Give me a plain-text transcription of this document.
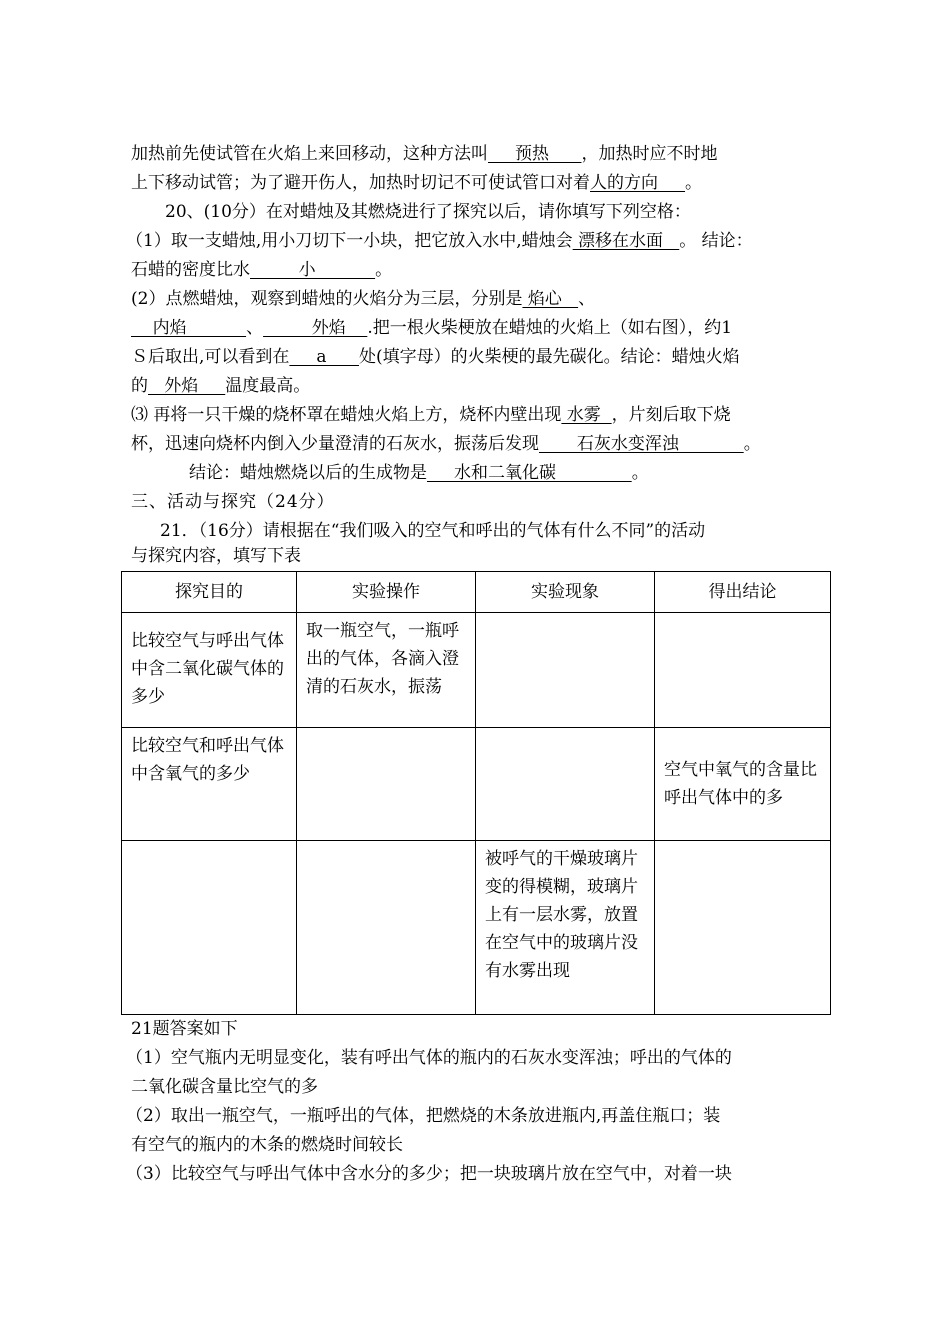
加热前先使试管在火焰上来回移动，这种方法叫     预热      ，加热时应不时地
上下移动试管；为了避开伤人，加热时切记不可使试管口对着人的方向     。
20、(10分）在对蜡烛及其燃烧进行了探究以后，请你填写下列空格：
（1）取一支蜡烛,用小刀切下一小块，把它放入水中,蜡烛会 漂移在水面   。 结论：
石蜡的密度比水         小           。
(2）点燃蜡烛，观察到蜡烛的火焰分为三层，分别是 焰心   、
内焰           、         外焰    .把一根火柴梗放在蜡烛的火焰上（如右图），约1
Ｓ后取出,可以看到在     a      处(填字母）的火柴梗的最先碳化。结论：蜡烛火焰
的   外焰     温度最高。
⑶ 再将一只干燥的烧杯罩在蜡烛火焰上方，烧杯内壁出现 水雾  ，片刻后取下烧
杯，迅速向烧杯内倒入少量澄清的石灰水，振荡后发现       石灰水变浑浊            。
结论：蜡烛燃烧以后的生成物是     水和二氧化碳              。
三、活动与探究（24分）
21．（16分）请根据在“我们吸入的空气和呼出的气体有什么不同”的活动
与探究内容，填写下表
探究目的	实验操作	实验现象	得出结论
比较空气与呼出气体中含二氧化碳气体的多少	取一瓶空气，一瓶呼出的气体，各滴入澄清的石灰水，振荡		
比较空气和呼出气体中含氧气的多少			空气中氧气的含量比呼出气体中的多
		被呼气的干燥玻璃片变的得模糊，玻璃片上有一层水雾，放置在空气中的玻璃片没有水雾出现	
21题答案如下
（1）空气瓶内无明显变化，装有呼出气体的瓶内的石灰水变浑浊；呼出的气体的
二氧化碳含量比空气的多
（2）取出一瓶空气，一瓶呼出的气体，把燃烧的木条放进瓶内,再盖住瓶口；装
有空气的瓶内的木条的燃烧时间较长
（3）比较空气与呼出气体中含水分的多少；把一块玻璃片放在空气中，对着一块
